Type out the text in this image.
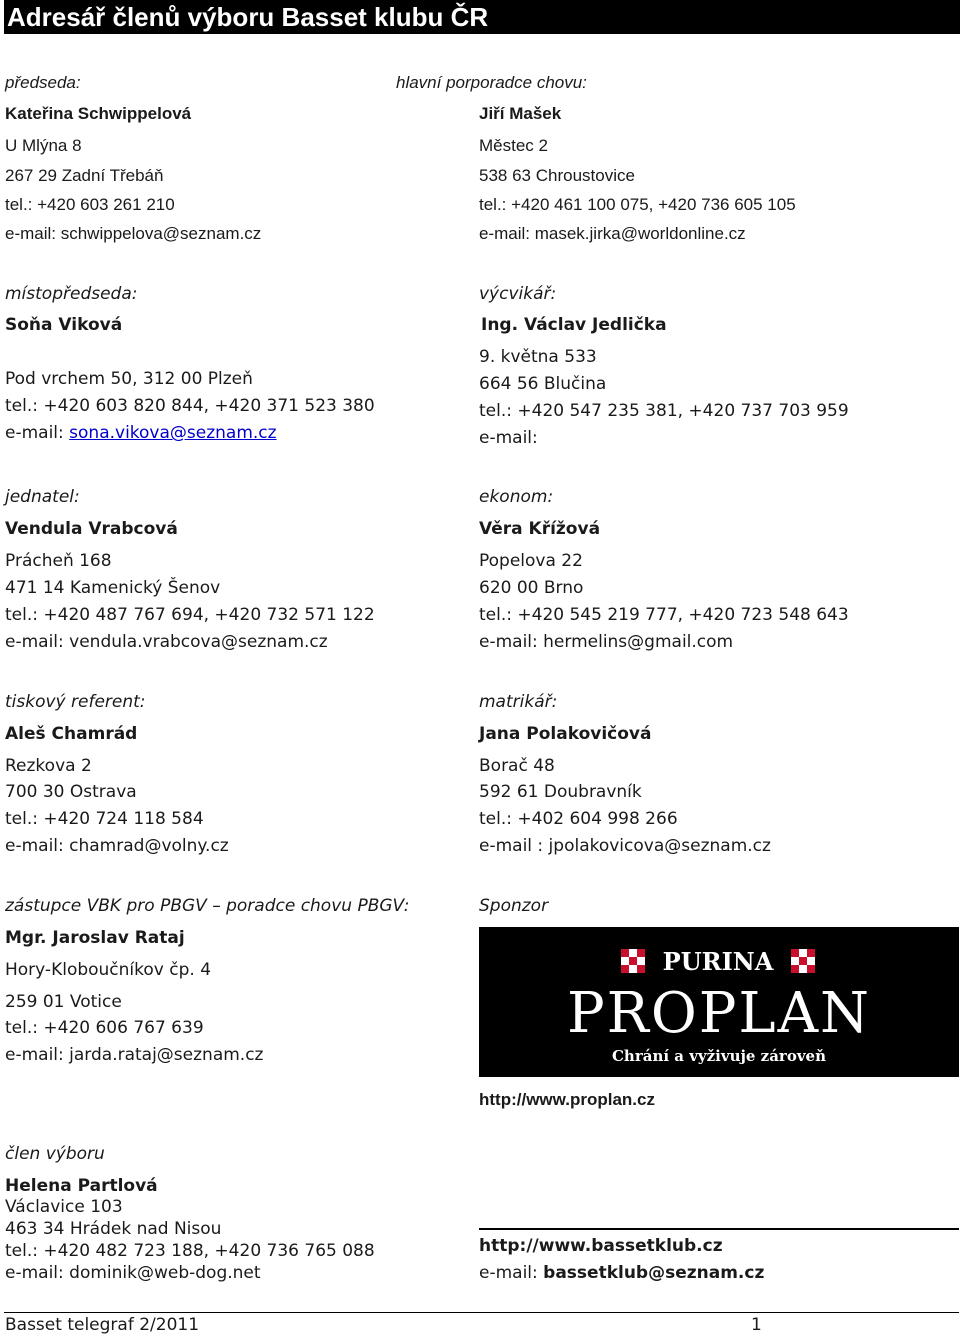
Adresář členů výboru Basset klubu ČR
předseda:
Kateřina Schwippelová
U Mlýna 8
267 29 Zadní Třebáň
tel.: +420 603 261 210
e-mail: schwippelova@seznam.cz
hlavní porporadce chovu:
Jiří Mašek
Městec 2
538 63 Chroustovice
tel.: +420 461 100 075, +420 736 605 105
e-mail: masek.jirka@worldonline.cz
místopředseda:
Soňa Viková
Pod vrchem 50, 312 00 Plzeň
tel.: +420 603 820 844, +420 371 523 380
e-mail: sona.vikova@seznam.cz
výcvikář:
Ing. Václav Jedlička
9. května 533
664 56 Blučina
tel.: +420 547 235 381, +420 737 703 959
e-mail:
jednatel:
Vendula Vrabcová
Prácheň 168
471 14 Kamenický Šenov
tel.: +420 487 767 694, +420 732 571 122
e-mail: vendula.vrabcova@seznam.cz
ekonom:
Věra Křížová
Popelova 22
620 00 Brno
tel.: +420 545 219 777, +420 723 548 643
e-mail: hermelins@gmail.com
tiskový referent:
Aleš Chamrád
Rezkova 2
700 30 Ostrava
tel.: +420 724 118 584
e-mail: chamrad@volny.cz
matrikář:
Jana Polakovičová
Borač 48
592 61 Doubravník
tel.: +402 604 998 266
e-mail : jpolakovicova@seznam.cz
zástupce VBK pro PBGV – poradce chovu PBGV:
Mgr. Jaroslav Rataj
Hory-Kloboučníkov čp. 4
259 01 Votice
tel.: +420 606 767 639
e-mail: jarda.rataj@seznam.cz
Sponzor
PURINA
PROPLAN
Chrání a vyživuje zároveň
http://www.proplan.cz
člen výboru
Helena Partlová
Václavice 103
463 34 Hrádek nad Nisou
tel.: +420 482 723 188, +420 736 765 088
e-mail: dominik@web-dog.net
http://www.bassetklub.cz
e-mail: bassetklub@seznam.cz
Basset telegraf 2/2011	1
